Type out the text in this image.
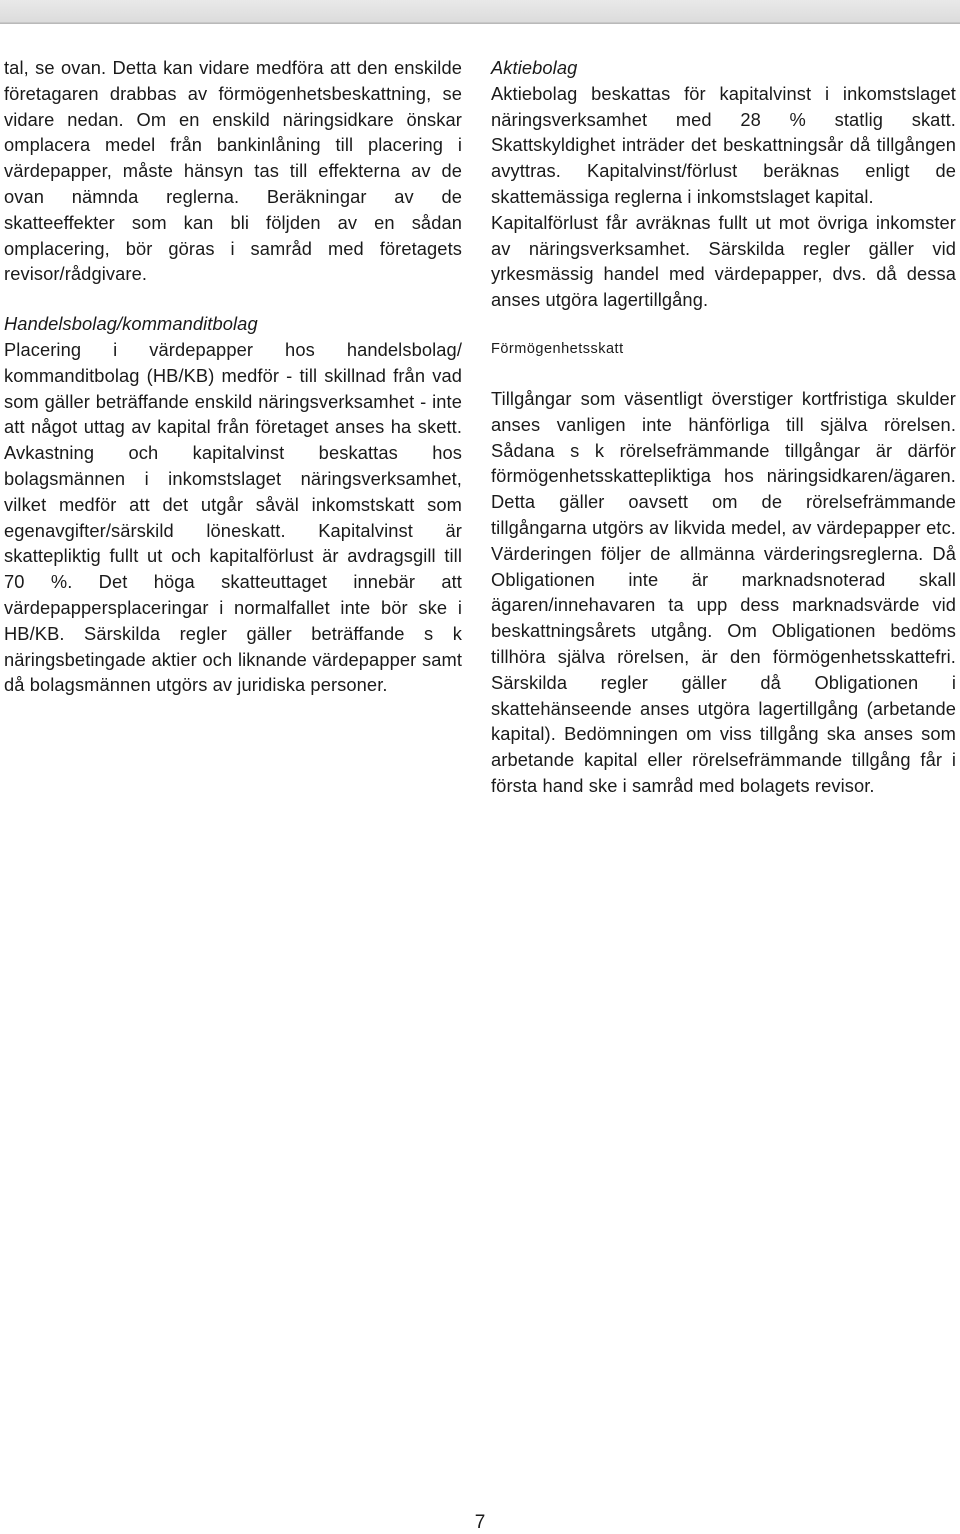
tal, se ovan. Detta kan vidare medföra att den enskilde företagaren drabbas av förmögenhetsbeskattning, se vidare nedan. Om en enskild näringsidkare önskar omplacera medel från bankinlåning till placering i värdepapper, måste hänsyn tas till effekterna av de ovan nämnda reglerna. Beräkningar av de skatteeffekter som kan bli följden av en sådan omplacering, bör göras i samråd med företagets revisor/rådgivare.

Handelsbolag/kommanditbolag

Placering i värdepapper hos handelsbolag/ kommanditbolag (HB/KB) medför - till skillnad från vad som gäller beträffande enskild näringsverksamhet - inte att något uttag av kapital från företaget anses ha skett. Avkastning och kapitalvinst beskattas hos bolagsmännen i inkomstslaget näringsverksamhet, vilket medför att det utgår såväl inkomstskatt som egenavgifter/särskild löneskatt. Kapitalvinst är skattepliktig fullt ut och kapitalförlust är avdragsgill till 70 %. Det höga skatteuttaget innebär att värdepappersplaceringar i normalfallet inte bör ske i HB/KB. Särskilda regler gäller beträffande s k näringsbetingade aktier och liknande värdepapper samt då bolagsmännen utgörs av juridiska personer.

Aktiebolag

Aktiebolag beskattas för kapitalvinst i inkomstslaget näringsverksamhet med 28 % statlig skatt. Skattskyldighet inträder det beskattningsår då tillgången avyttras. Kapitalvinst/förlust beräknas enligt de skattemässiga reglerna i inkomstslaget kapital.

Kapitalförlust får avräknas fullt ut mot övriga inkomster av näringsverksamhet. Särskilda regler gäller vid yrkesmässig handel med värdepapper, dvs. då dessa anses utgöra lagertillgång.

Förmögenhetsskatt

Tillgångar som väsentligt överstiger kortfristiga skulder anses vanligen inte hänförliga till själva rörelsen. Sådana s k rörelsefrämmande tillgångar är därför förmögenhetsskattepliktiga hos näringsidkaren/ägaren. Detta gäller oavsett om de rörelsefrämmande tillgångarna utgörs av likvida medel, av värdepapper etc. Värderingen följer de allmänna värderingsreglerna. Då Obligationen inte är marknadsnoterad skall ägaren/innehavaren ta upp dess marknadsvärde vid beskattningsårets utgång. Om Obligationen bedöms tillhöra själva rörelsen, är den förmögenhetsskattefri. Särskilda regler gäller då Obligationen i skattehänseende anses utgöra lagertillgång (arbetande kapital). Bedömningen om viss tillgång ska anses som arbetande kapital eller rörelsefrämmande tillgång får i första hand ske i samråd med bolagets revisor.

7
